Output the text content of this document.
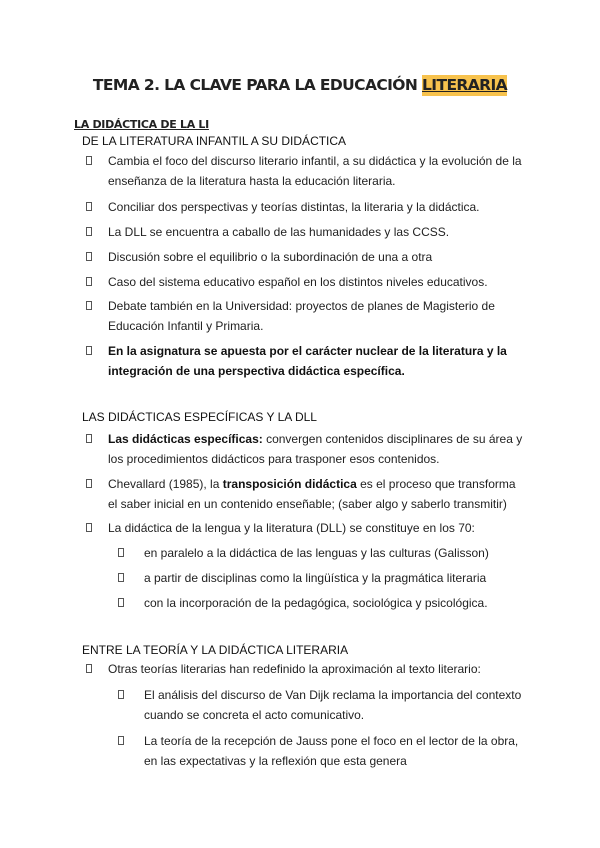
TEMA 2. LA CLAVE PARA LA EDUCACIÓN LITERARIA
LA DIDÁCTICA DE LA LI
DE LA LITERATURA INFANTIL A SU DIDÁCTICA
Cambia el foco del discurso literario infantil, a su didáctica y la evolución de la enseñanza de la literatura hasta la educación literaria.
Conciliar dos perspectivas y teorías distintas, la literaria y la didáctica.
La DLL se encuentra a caballo de las humanidades y las CCSS.
Discusión sobre el equilibrio o la subordinación de una a otra
Caso del sistema educativo español en los distintos niveles educativos.
Debate también en la Universidad: proyectos de planes de Magisterio de Educación Infantil y Primaria.
En la asignatura se apuesta por el carácter nuclear de la literatura y la integración de una perspectiva didáctica específica.
LAS DIDÁCTICAS ESPECÍFICAS Y LA DLL
Las didácticas específicas: convergen contenidos disciplinares de su área y los procedimientos didácticos para trasponer esos contenidos.
Chevallard (1985), la transposición didáctica es el proceso que transforma el saber inicial en un contenido enseñable; (saber algo y saberlo transmitir)
La didáctica de la lengua y la literatura (DLL) se constituye en los 70:
en paralelo a la didáctica de las lenguas y las culturas (Galisson)
a partir de disciplinas como la lingüística y la pragmática literaria
con la incorporación de la pedagógica, sociológica y psicológica.
ENTRE LA TEORÍA Y LA DIDÁCTICA LITERARIA
Otras teorías literarias han redefinido la aproximación al texto literario:
El análisis del discurso de Van Dijk reclama la importancia del contexto cuando se concreta el acto comunicativo.
La teoría de la recepción de Jauss pone el foco en el lector de la obra, en las expectativas y la reflexión que esta genera
